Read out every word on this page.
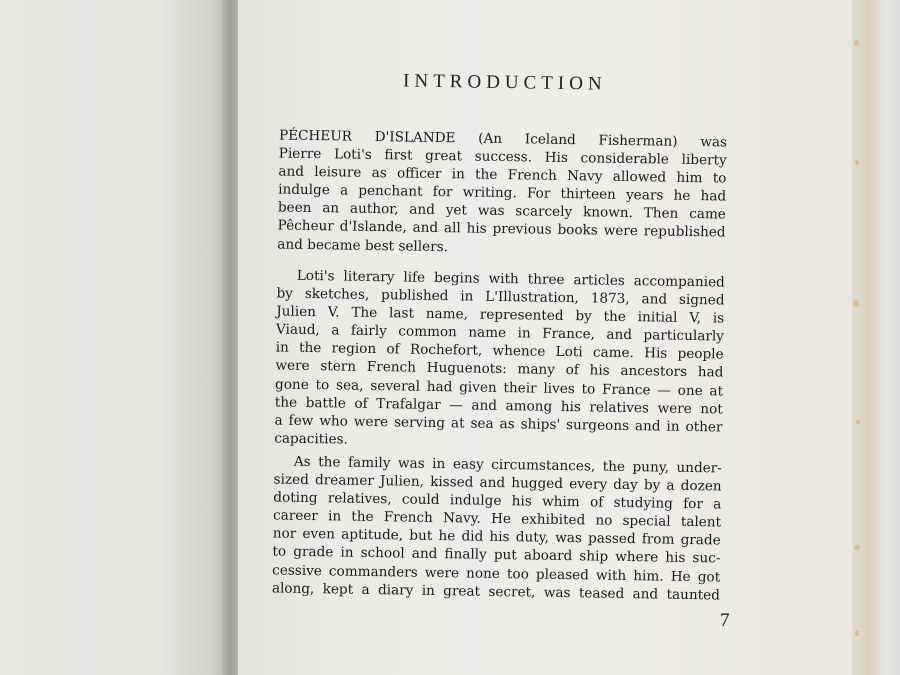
INTRODUCTION
PÉCHEUR D'ISLANDE (An Iceland Fisherman) was
Pierre Loti's first great success. His considerable liberty
and leisure as officer in the French Navy allowed him to
indulge a penchant for writing. For thirteen years he had
been an author, and yet was scarcely known. Then came
Pêcheur d'Islande, and all his previous books were republished
and became best sellers.
Loti's literary life begins with three articles accompanied
by sketches, published in L'Illustration, 1873, and signed
Julien V. The last name, represented by the initial V, is
Viaud, a fairly common name in France, and particularly
in the region of Rochefort, whence Loti came. His people
were stern French Huguenots: many of his ancestors had
gone to sea, several had given their lives to France — one at
the battle of Trafalgar — and among his relatives were not
a few who were serving at sea as ships' surgeons and in other
capacities.
As the family was in easy circumstances, the puny, under-
sized dreamer Julien, kissed and hugged every day by a dozen
doting relatives, could indulge his whim of studying for a
career in the French Navy. He exhibited no special talent
nor even aptitude, but he did his duty, was passed from grade
to grade in school and finally put aboard ship where his suc-
cessive commanders were none too pleased with him. He got
along, kept a diary in great secret, was teased and taunted
7
